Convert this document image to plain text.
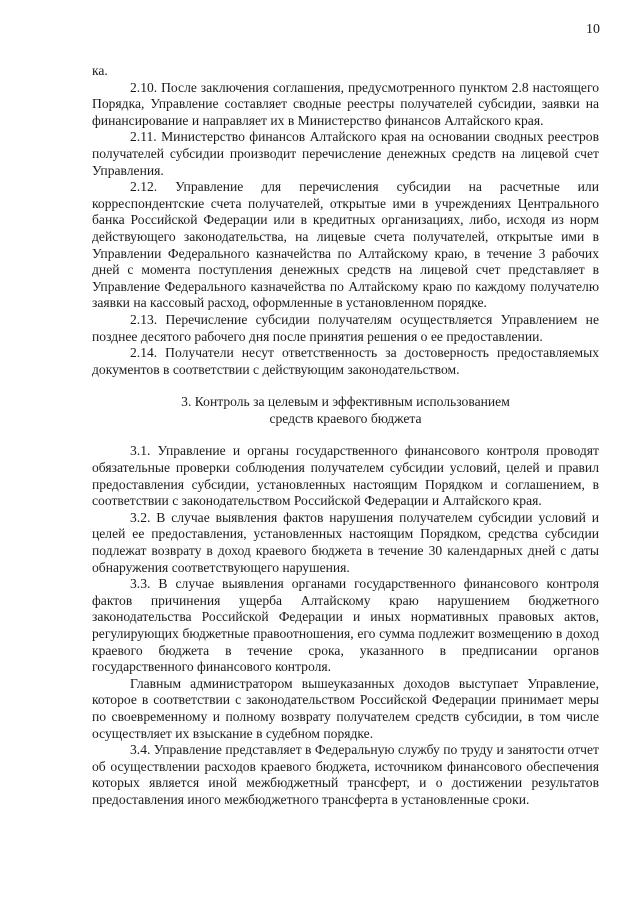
10

ка.

2.10. После заключения соглашения, предусмотренного пунктом 2.8 настоящего Порядка, Управление составляет сводные реестры получателей субсидии, заявки на финансирование и направляет их в Министерство финансов Алтайского края.

2.11. Министерство финансов Алтайского края на основании сводных реестров получателей субсидии производит перечисление денежных средств на лицевой счет Управления.

2.12. Управление для перечисления субсидии на расчетные или корреспондентские счета получателей, открытые ими в учреждениях Центрального банка Российской Федерации или в кредитных организациях, либо, исходя из норм действующего законодательства, на лицевые счета получателей, открытые ими в Управлении Федерального казначейства по Алтайскому краю, в течение 3 рабочих дней с момента поступления денежных средств на лицевой счет представляет в Управление Федерального казначейства по Алтайскому краю по каждому получателю заявки на кассовый расход, оформленные в установленном порядке.

2.13. Перечисление субсидии получателям осуществляется Управлением не позднее десятого рабочего дня после принятия решения о ее предоставлении.

2.14. Получатели несут ответственность за достоверность предоставляемых документов в соответствии с действующим законодательством.

3. Контроль за целевым и эффективным использованием
средств краевого бюджета

3.1. Управление и органы государственного финансового контроля проводят обязательные проверки соблюдения получателем субсидии условий, целей и правил предоставления субсидии, установленных настоящим Порядком и соглашением, в соответствии с законодательством Российской Федерации и Алтайского края.

3.2. В случае выявления фактов нарушения получателем субсидии условий и целей ее предоставления, установленных настоящим Порядком, средства субсидии подлежат возврату в доход краевого бюджета в течение 30 календарных дней с даты обнаружения соответствующего нарушения.

3.3. В случае выявления органами государственного финансового контроля фактов причинения ущерба Алтайскому краю нарушением бюджетного законодательства Российской Федерации и иных нормативных правовых актов, регулирующих бюджетные правоотношения, его сумма подлежит возмещению в доход краевого бюджета в течение срока, указанного в предписании органов государственного финансового контроля.

Главным администратором вышеуказанных доходов выступает Управление, которое в соответствии с законодательством Российской Федерации принимает меры по своевременному и полному возврату получателем средств субсидии, в том числе осуществляет их взыскание в судебном порядке.

3.4. Управление представляет в Федеральную службу по труду и занятости отчет об осуществлении расходов краевого бюджета, источником финансового обеспечения которых является иной межбюджетный трансферт, и о достижении результатов предоставления иного межбюджетного трансферта в установленные сроки.
